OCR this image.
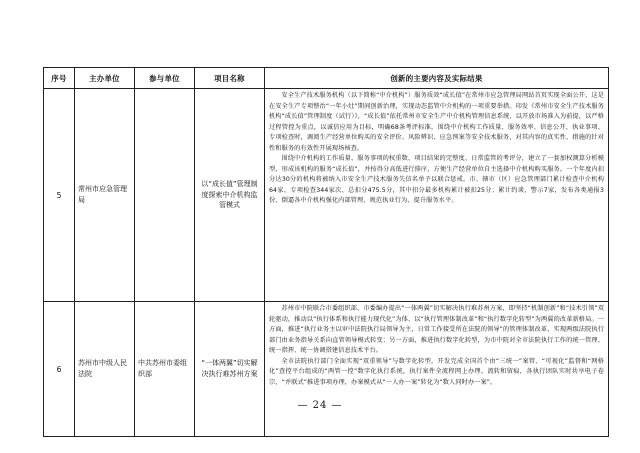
序号	主办单位	参与单位	项目名称	创新的主要内容及实际结果
5	常州市应急管理局		以“成长值”管理制度探索中介机构监管模式	安全生产技术服务机构（以下简称“中介机构”）服务质效“成长值”在常州市应急管理局网站首页实现全面公开，这是在安全生产专项整治“一年小灶”期间创新治理，实现动态监管中介机构的一项重要举措。印发《常州市安全生产技术服务机构“成长值”管理制度（试行）》，“成长值”依托常州市安全生产中介机构管理信息系统，以开放市场准入为前提，以严格过程管控为重点，以诚信应用为目标，明确68条考评标准，围绕中介机构工作质量、服务效率、信息公开、执业事项、专项检查时，调阅生产经营单位购买的安全评价、风险辨识、应急预案等安全技术服务，对其内容的真实性、措施的针对性和服务的有效性开展现场核查。

围绕中介机构的工作质量、服务事项的权重数、项目结果的完整度、日常监管的考评分，建立了一套加权测算分析模型，形成该机构的服务“成长值”，并按得分高低进行排序，方便生产经营单位自主选择中介机构购买服务。一个年度内扣分达30分的机构将被纳入市安全生产技术服务失信名单予以联合惩戒。市、辖市（区）应急管理部门累计检查中介机构64家、专项检查344家次、总扣分475.5分，其中扣分最多机构累计被扣25分；累计约谈、警示7家，发布各类通报3份，倒逼各中介机构强化内部管理、规范执业行为、提升服务水平。

6	苏州市中级人民法院	中共苏州市委组织部	“一体两翼”切实解决执行难苏州方案	苏州市中院联合市委组织部、市委编办提出“一体两翼”切实解决执行难苏州方案，即坚持“机制创新”和“技术引领”双轮驱动，推动以“执行体系和执行能力现代化”为体、以“执行管理体制改革”和“执行数字化转型”为两翼的改革新格局。一方面，推进“执行业务主以审中法院执行局领导为主，日常工作接受所在法院的领导”的管理体制改革，实现两级法院执行部门由业务指导关系向直管领导模式转变；另一方面，推进执行数字化转型，为市中院对全市法院执行工作的统一管理、统一指挥、统一协调搭建信息技术平台。

全市法院执行部门全面实现“双重领导”与数字化转型，开发完成全国首个由“三统一”案管、“可视化”监督和“网格化”查控平台组成的“两管一控”数字化执行系统，执行案件全流程网上办理、流转和留痕，各执行团队实时共享电子卷宗，“并联式”推进事项办理，办案模式从“一人办一案”转化为“数人同时办一案”。

— 24 —
